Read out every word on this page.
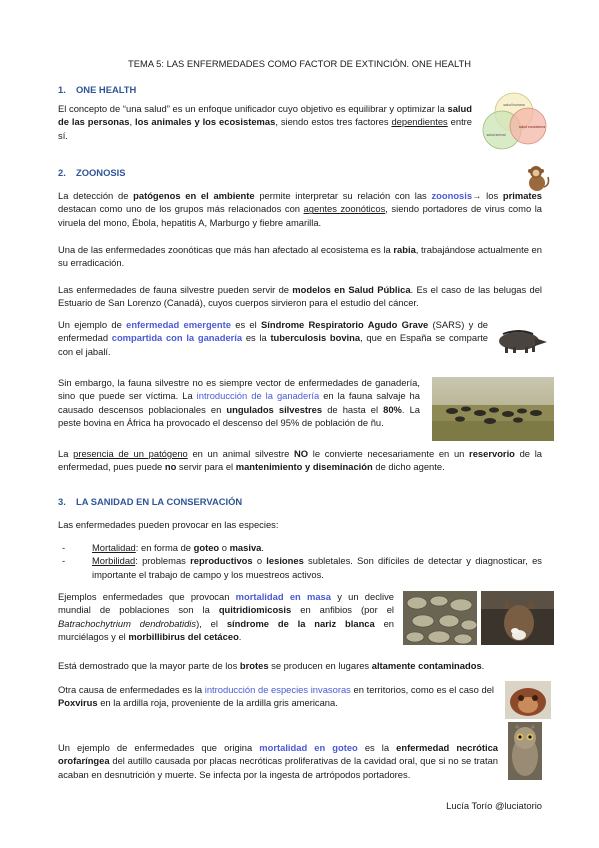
TEMA 5: LAS ENFERMEDADES COMO FACTOR DE EXTINCIÓN. ONE HEALTH
1. ONE HEALTH

El concepto de “una salud” es un enfoque unificador cuyo objetivo es equilibrar y optimizar la salud de las personas, los animales y los ecosistemas, siendo estos tres factores dependientes entre sí.

salud humana
salud animal
salud ecosistema
2. ZOONOSIS

La detección de patógenos en el ambiente permite interpretar su relación con las zoonosis→ los primates destacan como uno de los grupos más relacionados con agentes zoonóticos, siendo portadores de virus como la viruela del mono, Ébola, hepatitis A, Marburgo y fiebre amarilla.

Una de las enfermedades zoonóticas que más han afectado al ecosistema es la rabia, trabajándose actualmente en su erradicación.

Las enfermedades de fauna silvestre pueden servir de modelos en Salud Pública. Es el caso de las belugas del Estuario de San Lorenzo (Canadá), cuyos cuerpos sirvieron para el estudio del cáncer.

Un ejemplo de enfermedad emergente es el Síndrome Respiratorio Agudo Grave (SARS) y de enfermedad compartida con la ganadería es la tuberculosis bovina, que en España se comparte con el jabalí.

Sin embargo, la fauna silvestre no es siempre vector de enfermedades de ganadería, sino que puede ser víctima. La introducción de la ganadería en la fauna salvaje ha causado descensos poblacionales en ungulados silvestres de hasta el 80%. La peste bovina en África ha provocado el descenso del 95% de población de ñu.

La presencia de un patógeno en un animal silvestre NO le convierte necesariamente en un reservorio de la enfermedad, pues puede no servir para el mantenimiento y diseminación de dicho agente.

3. LA SANIDAD EN LA CONSERVACIÓN

Las enfermedades pueden provocar en las especies:

-	Mortalidad: en forma de goteo o masiva.
-	Morbilidad: problemas reproductivos o lesiones subletales. Son difíciles de detectar y diagnosticar, es importante el trabajo de campo y los muestreos activos.

Ejemplos enfermedades que provocan mortalidad en masa y un declive mundial de poblaciones son la quitridiomicosis en anfibios (por el Batrachochytrium dendrobatidis), el síndrome de la nariz blanca en murciélagos y el morbillibirus del cetáceo.

Está demostrado que la mayor parte de los brotes se producen en lugares altamente contaminados.

Otra causa de enfermedades es la introducción de especies invasoras en territorios, como es el caso del Poxvirus en la ardilla roja, proveniente de la ardilla gris americana.

Un ejemplo de enfermedades que origina mortalidad en goteo es la enfermedad necrótica orofaríngea del autillo causada por placas necróticas proliferativas de la cavidad oral, que si no se tratan acaban en desnutrición y muerte. Se infecta por la ingesta de artrópodos portadores.

Lucía Torío @luciatorio
